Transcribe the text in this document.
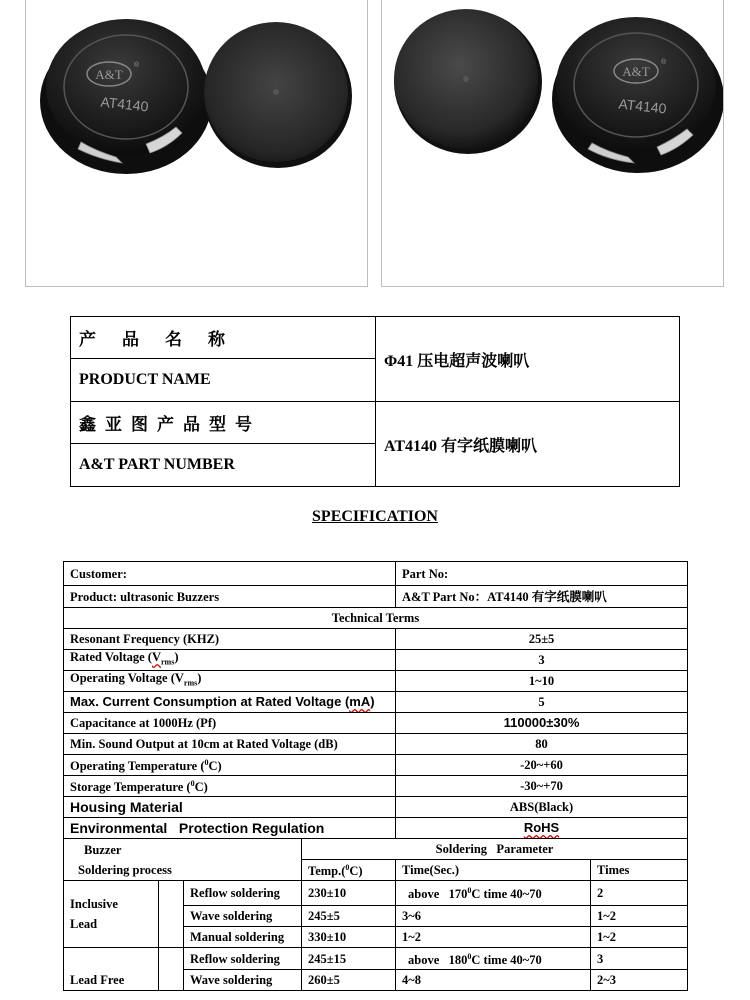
A&T
®
AT4140
A&T
®
AT4140
产品名称	Φ41 压电超声波喇叭
PRODUCT NAME	
鑫亚图产品型号	AT4140 有字纸膜喇叭
A&T PART NUMBER	
SPECIFICATION
Customer:				Part No:	
Product: ultrasonic Buzzers				A&T Part No：AT4140 有字纸膜喇叭	
Technical Terms					
Resonant Frequency (KHZ)				25±5	
Rated Voltage $(V_{rms})$				3	
Operating Voltage $(V_{rms})$				1~10	
Max. Current Consumption at Rated Voltage (mA)				5	
Capacitance at 1000Hz (Pf)				110000±30%	
Min. Sound Output at 10cm at Rated Voltage (dB)				80	
Operating Temperature ($^0$C)				-20~+60	
Storage Temperature ($^0$C)				-30~+70	
Housing Material				ABS(Black)	
Environmental   Protection Regulation				RoHS	

Buzzer
Soldering process			Soldering   Parameter		
			Temp.($^0$C)	Time(Sec.)	Times

Inclusive
Lead		Reflow soldering	230±10	above   $170^0C$ time 40~70	2
		Wave soldering	245±5	3~6	1~2
		Manual soldering	330±10	1~2	1~2
Lead Free		Reflow soldering	245±15	above   $180^0C$ time 40~70	3
		Wave soldering	260±5	4~8	2~3
